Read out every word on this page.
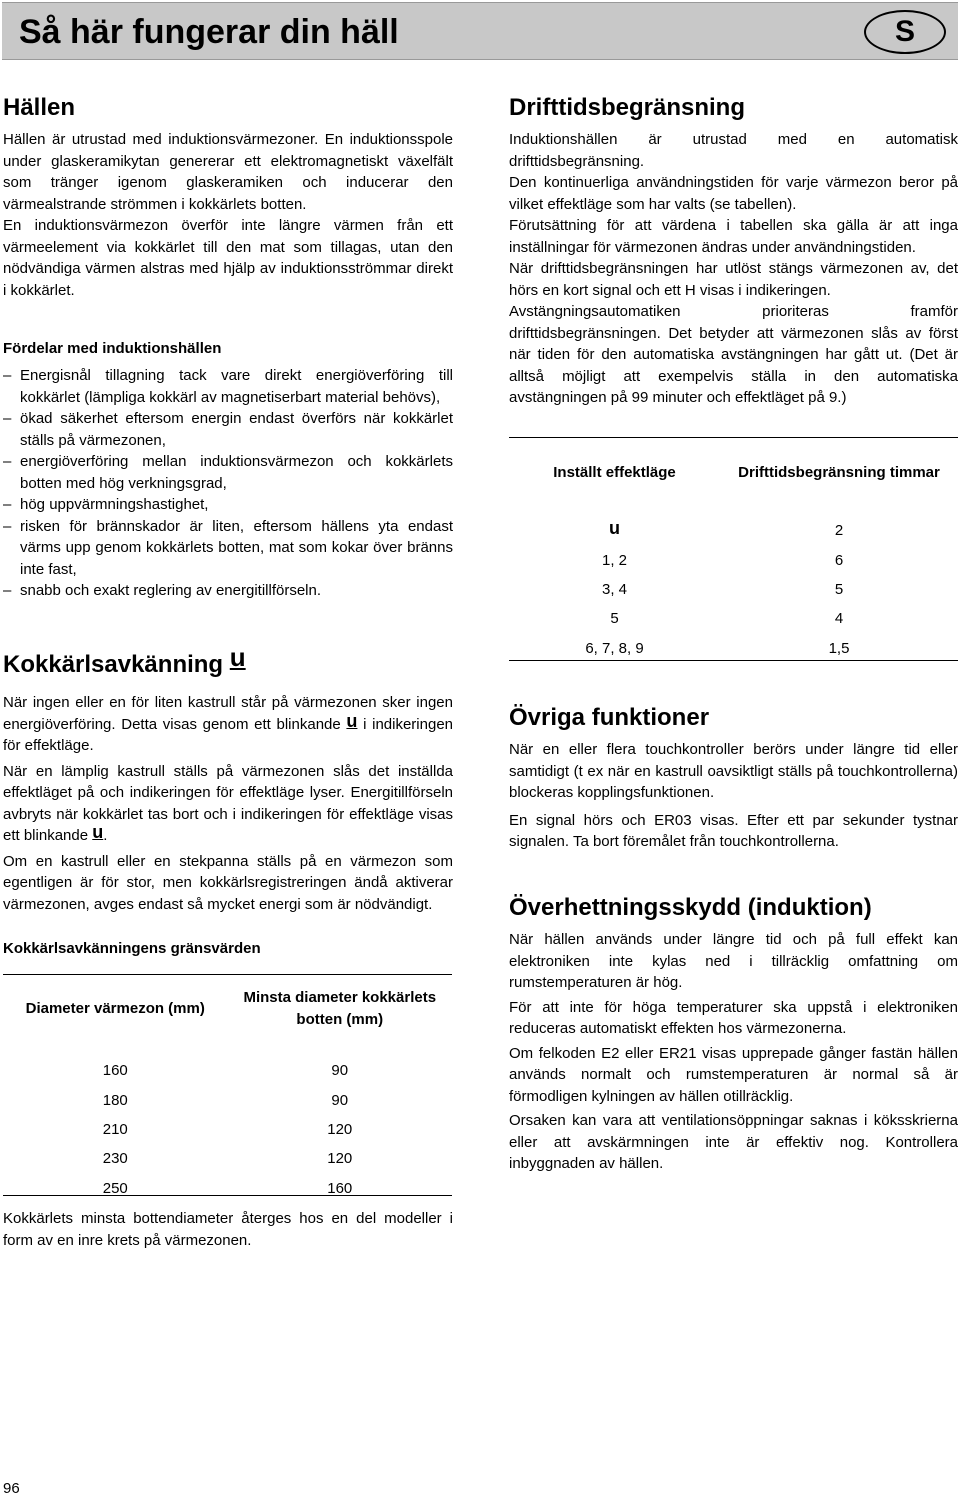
Så här fungerar din häll	S
Hällen

Hällen är utrustad med induktionsvärmezoner. En induktionsspole under glaskeramikytan genererar ett elektromagnetiskt växelfält som tränger igenom glaskeramiken och inducerar den värmealstrande strömmen i kokkärlets botten.

En induktionsvärmezon överför inte längre värmen från ett värmeelement via kokkärlet till den mat som tillagas, utan den nödvändiga värmen alstras med hjälp av induktionsströmmar direkt i kokkärlet.

Fördelar med induktionshällen
– Energisnål tillagning tack vare direkt energiöverföring till kokkärlet (lämpliga kokkärl av magnetiserbart material behövs),
– ökad säkerhet eftersom energin endast överförs när kokkärlet ställs på värmezonen,
– energiöverföring mellan induktionsvärmezon och kokkärlets botten med hög verkningsgrad,
– hög uppvärmningshastighet,
– risken för brännskador är liten, eftersom hällens yta endast värms upp genom kokkärlets botten, mat som kokar över bränns inte fast,
– snabb och exakt reglering av energitillförseln.
Kokkärlsavkänning u

När ingen eller en för liten kastrull står på värmezonen sker ingen energiöverföring. Detta visas genom ett blinkande u i indikeringen för effektläge.

När en lämplig kastrull ställs på värmezonen slås det inställda effektläget på och indikeringen för effektläge lyser. Energitillförseln avbryts när kokkärlet tas bort och i indikeringen för effektläge visas ett blinkande u.

Om en kastrull eller en stekpanna ställs på en värmezon som egentligen är för stor, men kokkärlsregistreringen ändå aktiverar värmezonen, avges endast så mycket energi som är nödvändigt.

Kokkärlsavkänningens gränsvärden
Diameter värmezon (mm)	Minsta diameter kokkärlets botten (mm)

160	90
180	90
210	120
230	120
250	160

Kokkärlets minsta bottendiameter återges hos en del modeller i form av en inre krets på värmezonen.

Drifttidsbegränsning

Induktionshällen är utrustad med en automatisk drifttidsbegränsning.

Den kontinuerliga användningstiden för varje värmezon beror på vilket effektläge som har valts (se tabellen).

Förutsättning för att värdena i tabellen ska gälla är att inga inställningar för värmezonen ändras under användningstiden.

När drifttidsbegränsningen har utlöst stängs värmezonen av, det hörs en kort signal och ett H visas i indikeringen.

Avstängningsautomatiken prioriteras framför drifttidsbegränsningen. Det betyder att värmezonen slås av först när tiden för den automatiska avstängningen har gått ut. (Det är alltså möjligt att exempelvis ställa in den automatiska avstängningen på 99 minuter och effektläget på 9.)

Inställt effektläge	Drifttidsbegränsning timmar

u	2
1, 2	6
3, 4	5
5	4
6, 7, 8, 9	1,5
Övriga funktioner

När en eller flera touchkontroller berörs under längre tid eller samtidigt (t ex när en kastrull oavsiktligt ställs på touchkontrollerna) blockeras kopplingsfunktionen.

En signal hörs och ER03 visas. Efter ett par sekunder tystnar signalen. Ta bort föremålet från touchkontrollerna.

Överhettningsskydd (induktion)

När hällen används under längre tid och på full effekt kan elektroniken inte kylas ned i tillräcklig omfattning om rumstemperaturen är hög.

För att inte för höga temperaturer ska uppstå i elektroniken reduceras automatiskt effekten hos värmezonerna.

Om felkoden E2 eller ER21 visas upprepade gånger fastän hällen används normalt och rumstemperaturen är normal så är förmodligen kylningen av hällen otillräcklig.

Orsaken kan vara att ventilationsöppningar saknas i köksskrierna eller att avskärmningen inte är effektiv nog. Kontrollera inbyggnaden av hällen.

96
